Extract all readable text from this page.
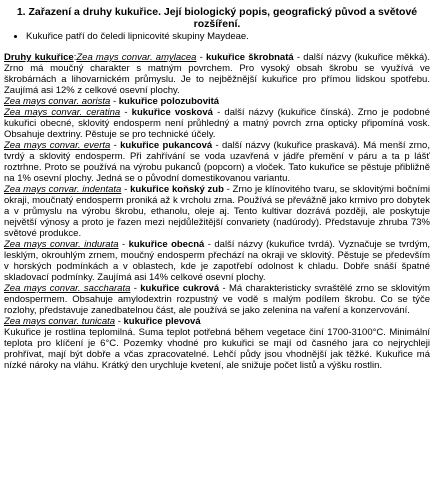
1. Zařazení a druhy kukuřice. Její biologický popis, geografický původ a světové rozšíření.
• Kukuřice patří do čeledi lipnicovité skupiny Maydeae.

Druhy kukuřice:Zea mays convar. amylacea - kukuřice škrobnatá - další názvy (kukuřice měkká). Zrno má moučný charakter s matným povrchem. Pro vysoký obsah škrobu se využívá ve škrobárnách a lihovarnickém průmyslu. Je to nejběžnější kukuřice pro přímou lidskou spotřebu. Zaujímá asi 12% z celkové osevní plochy.

Zea mays convar. aorista - kukuřice polozubovitá

Zea mays convar. ceratina - kukuřice vosková - další názvy (kukuřice čínská). Zrno je podobné kukuřici obecné, sklovitý endosperm není průhledný a matný povrch zrna opticky připomíná vosk. Obsahuje dextriny. Pěstuje se pro technické účely.

Zea mays convar. everta - kukuřice pukancová - další názvy (kukuřice praskavá). Má menší zrno, tvrdý a sklovitý endosperm. Při zahřívání se voda uzavřená v jádře přemění v páru a ta p lášť roztrhne. Proto se používá na výrobu pukanců (popcorn) a vloček. Tato kukuřice se pěstuje přibližně na 1% osevní plochy. Jedná se o původní domestikovanou variantu.

Zea mays convar. indentata - kukuřice koňský zub - Zrno je klínovitého tvaru, se sklovitými bočními okraji, moučnatý endosperm proniká až k vrcholu zrna. Používá se převážně jako krmivo pro dobytek a v průmyslu na výrobu škrobu, ethanolu, oleje aj. Tento kultivar dozrává později, ale poskytuje největší výnosy a proto je řazen mezi nejdůležitější convariety (nadúrody). Představuje zhruba 73% světové produkce.

Zea mays convar. indurata - kukuřice obecná - další názvy (kukuřice tvrdá). Vyznačuje se tvrdým, lesklým, okrouhlým zrnem, moučný endosperm přechází na okraji ve sklovitý. Pěstuje se především v horských podmínkách a v oblastech, kde je zapotřebí odolnost k chladu. Dobře snáší špatné skladovací podmínky. Zaujímá asi 14% celkové osevní plochy.

Zea mays convar. saccharata - kukuřice cukrová - Má charakteristicky svraštělé zrno se sklovitým endospermem. Obsahuje amylodextrin rozpustný ve vodě s malým podílem škrobu. Co se týče rozlohy, představuje zanedbatelnou část, ale používá se jako zelenina na vaření a konzervování.

Zea mays convar. tunicata - kukuřice plevová

Kukuřice je rostlina teplomilná. Suma teplot potřebná během vegetace činí 1700-3100°C. Minimální teplota pro klíčení je 6°C. Pozemky vhodné pro kukuřici se mají od časného jara co nejrychleji prohřívat, mají být dobře a včas zpracovatelné. Lehčí půdy jsou vhodnější jak těžké. Kukuřice má nízké nároky na vláhu. Krátký den urychluje kvetení, ale snižuje počet listů a výšku rostlin.
